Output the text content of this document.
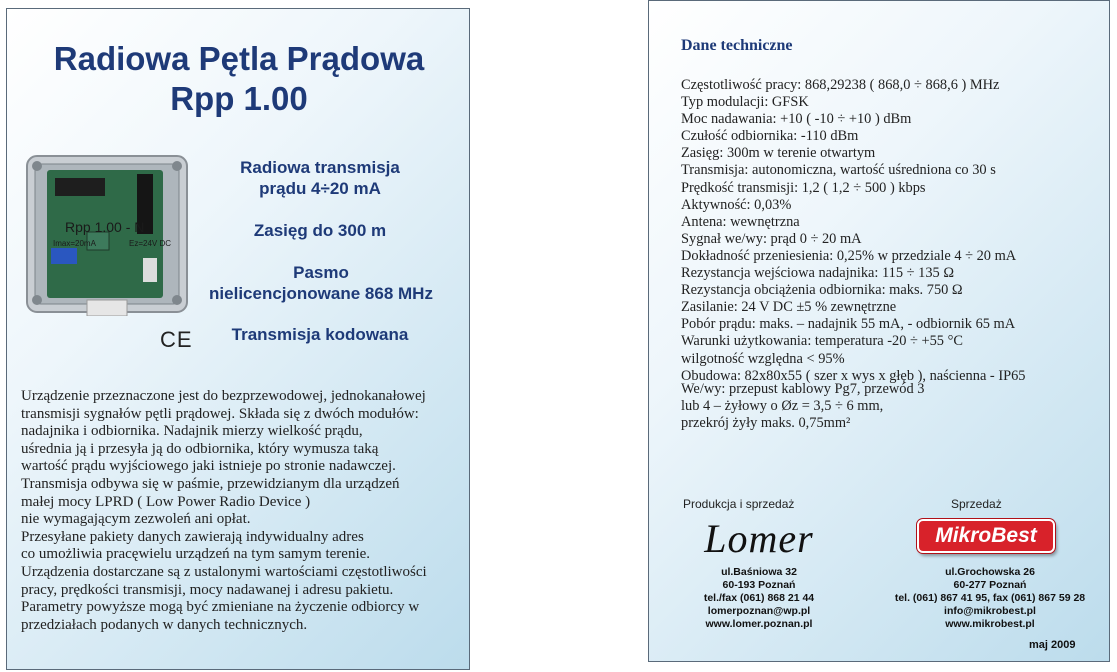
Radiowa Pętla Prądowa
Rpp 1.00
Rpp 1.00 - N
Imax=20mA	Ez=24V DC
CE
Radiowa transmisja
prądu 4÷20 mA
Zasięg do 300 m
Pasmo
nielicencjonowane 868 MHz
Transmisja kodowana
Urządzenie przeznaczone jest do bezprzewodowej, jednokanałowej
transmisji sygnałów pętli prądowej. Składa się z dwóch modułów:
nadajnika i odbiornika. Nadajnik mierzy wielkość prądu,
uśrednia ją i przesyła ją do odbiornika, który wymusza taką
wartość prądu wyjściowego jaki istnieje po stronie nadawczej.
Transmisja odbywa się w paśmie, przewidzianym dla urządzeń
małej mocy LPRD ( Low Power Radio Device )
nie wymagającym zezwoleń ani opłat.
Przesyłane pakiety danych zawierają indywidualny adres
co umożliwia pracęwielu urządzeń na tym samym terenie.
Urządzenia dostarczane są z ustalonymi wartościami częstotliwości
pracy, prędkości transmisji, mocy nadawanej i adresu pakietu.
Parametry powyższe mogą być zmieniane na życzenie odbiorcy w
przedziałach podanych w danych technicznych.
Dane techniczne
Częstotliwość pracy: 868,29238 ( 868,0 ÷ 868,6 ) MHz
Typ modulacji: GFSK
Moc nadawania: +10 ( -10 ÷ +10 ) dBm
Czułość odbiornika: -110 dBm
Zasięg: 300m w terenie otwartym
Transmisja: autonomiczna, wartość uśredniona co 30 s
Prędkość transmisji: 1,2 ( 1,2 ÷ 500 ) kbps
Aktywność: 0,03%
Antena: wewnętrzna
Sygnał we/wy: prąd 0 ÷ 20 mA
Dokładność przeniesienia: 0,25% w przedziale 4 ÷ 20 mA
Rezystancja wejściowa nadajnika: 115 ÷ 135 Ω
Rezystancja obciążenia odbiornika: maks. 750 Ω
Zasilanie: 24 V DC ±5 % zewnętrzne
Pobór prądu: maks. – nadajnik 55 mA, - odbiornik 65 mA
Warunki użytkowania: temperatura -20 ÷ +55 °C
wilgotność względna < 95%
Obudowa: 82x80x55 ( szer x wys x głęb ), naścienna - IP65
We/wy: przepust kablowy Pg7, przewód 3
lub 4 – żyłowy o Øz = 3,5 ÷ 6 mm,
przekrój żyły maks. 0,75mm²
Produkcja i sprzedaż	Sprzedaż
Lomer	MikroBest
ul.Baśniowa 32
60-193 Poznań
tel./fax (061) 868 21 44
lomerpoznan@wp.pl
www.lomer.poznan.pl
ul.Grochowska 26
60-277 Poznań
tel. (061) 867 41 95, fax (061) 867 59 28
info@mikrobest.pl
www.mikrobest.pl
maj 2009
